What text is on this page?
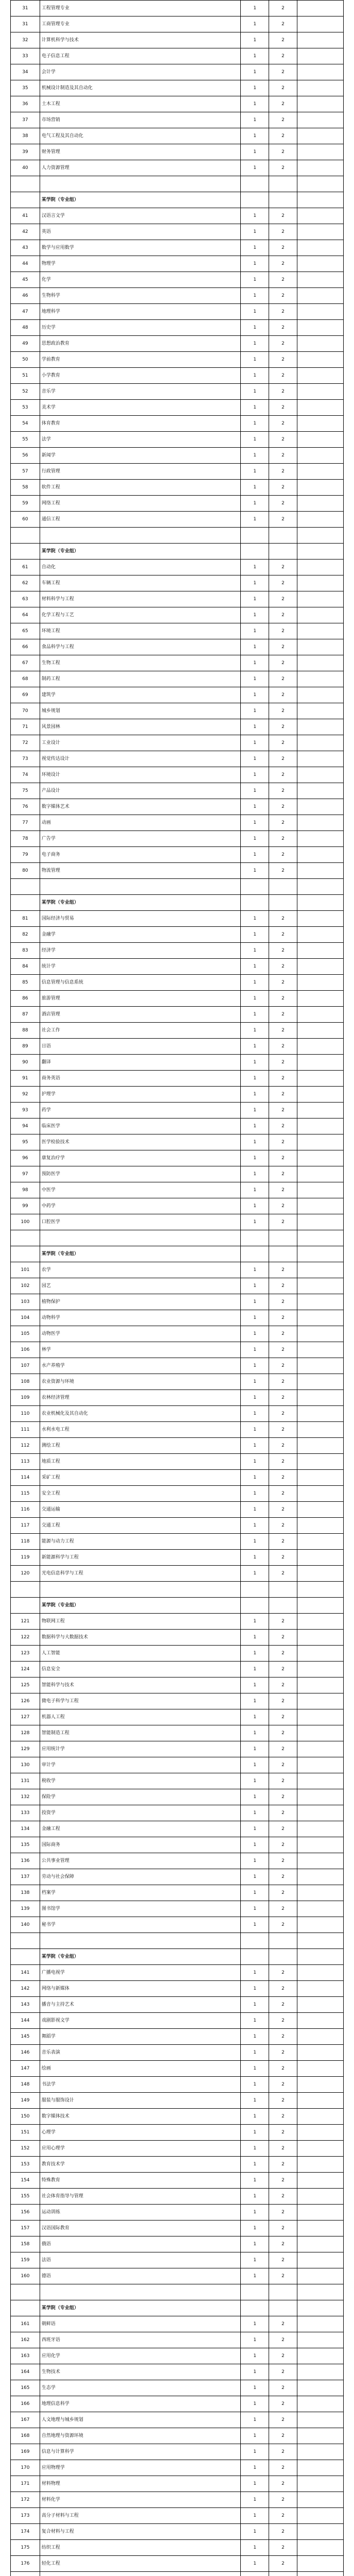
31	工程管理专业	1	2	
31	工商管理专业	1	2	
32	计算机科学与技术	1	2	
33	电子信息工程	1	2	
34	会计学	1	2	
35	机械设计制造及其自动化	1	2	
36	土木工程	1	2	
37	市场营销	1	2	
38	电气工程及其自动化	1	2	
39	财务管理	1	2	
40	人力资源管理	1	2	

	某学院（专业组）			
41	汉语言文学	1	2	
42	英语	1	2	
43	数学与应用数学	1	2	
44	物理学	1	2	
45	化学	1	2	
46	生物科学	1	2	
47	地理科学	1	2	
48	历史学	1	2	
49	思想政治教育	1	2	
50	学前教育	1	2	
51	小学教育	1	2	
52	音乐学	1	2	
53	美术学	1	2	
54	体育教育	1	2	
55	法学	1	2	
56	新闻学	1	2	
57	行政管理	1	2	
58	软件工程	1	2	
59	网络工程	1	2	
60	通信工程	1	2	

	某学院（专业组）			
61	自动化	1	2	
62	车辆工程	1	2	
63	材料科学与工程	1	2	
64	化学工程与工艺	1	2	
65	环境工程	1	2	
66	食品科学与工程	1	2	
67	生物工程	1	2	
68	制药工程	1	2	
69	建筑学	1	2	
70	城乡规划	1	2	
71	风景园林	1	2	
72	工业设计	1	2	
73	视觉传达设计	1	2	
74	环境设计	1	2	
75	产品设计	1	2	
76	数字媒体艺术	1	2	
77	动画	1	2	
78	广告学	1	2	
79	电子商务	1	2	
80	物流管理	1	2	

	某学院（专业组）			
81	国际经济与贸易	1	2	
82	金融学	1	2	
83	经济学	1	2	
84	统计学	1	2	
85	信息管理与信息系统	1	2	
86	旅游管理	1	2	
87	酒店管理	1	2	
88	社会工作	1	2	
89	日语	1	2	
90	翻译	1	2	
91	商务英语	1	2	
92	护理学	1	2	
93	药学	1	2	
94	临床医学	1	2	
95	医学检验技术	1	2	
96	康复治疗学	1	2	
97	预防医学	1	2	
98	中医学	1	2	
99	中药学	1	2	
100	口腔医学	1	2	

	某学院（专业组）			
101	农学	1	2	
102	园艺	1	2	
103	植物保护	1	2	
104	动物科学	1	2	
105	动物医学	1	2	
106	林学	1	2	
107	水产养殖学	1	2	
108	农业资源与环境	1	2	
109	农林经济管理	1	2	
110	农业机械化及其自动化	1	2	
111	水利水电工程	1	2	
112	测绘工程	1	2	
113	地质工程	1	2	
114	采矿工程	1	2	
115	安全工程	1	2	
116	交通运输	1	2	
117	交通工程	1	2	
118	能源与动力工程	1	2	
119	新能源科学与工程	1	2	
120	光电信息科学与工程	1	2	

	某学院（专业组）			
121	物联网工程	1	2	
122	数据科学与大数据技术	1	2	
123	人工智能	1	2	
124	信息安全	1	2	
125	智能科学与技术	1	2	
126	微电子科学与工程	1	2	
127	机器人工程	1	2	
128	智能制造工程	1	2	
129	应用统计学	1	2	
130	审计学	1	2	
131	税收学	1	2	
132	保险学	1	2	
133	投资学	1	2	
134	金融工程	1	2	
135	国际商务	1	2	
136	公共事业管理	1	2	
137	劳动与社会保障	1	2	
138	档案学	1	2	
139	图书馆学	1	2	
140	秘书学	1	2	

	某学院（专业组）			
141	广播电视学	1	2	
142	网络与新媒体	1	2	
143	播音与主持艺术	1	2	
144	戏剧影视文学	1	2	
145	舞蹈学	1	2	
146	音乐表演	1	2	
147	绘画	1	2	
148	书法学	1	2	
149	服装与服饰设计	1	2	
150	数字媒体技术	1	2	
151	心理学	1	2	
152	应用心理学	1	2	
153	教育技术学	1	2	
154	特殊教育	1	2	
155	社会体育指导与管理	1	2	
156	运动训练	1	2	
157	汉语国际教育	1	2	
158	俄语	1	2	
159	法语	1	2	
160	德语	1	2	

	某学院（专业组）			
161	朝鲜语	1	2	
162	西班牙语	1	2	
163	应用化学	1	2	
164	生物技术	1	2	
165	生态学	1	2	
166	地理信息科学	1	2	
167	人文地理与城乡规划	1	2	
168	自然地理与资源环境	1	2	
169	信息与计算科学	1	2	
170	应用物理学	1	2	
171	材料物理	1	2	
172	材料化学	1	2	
173	高分子材料与工程	1	2	
174	复合材料与工程	1	2	
175	纺织工程	1	2	
176	轻化工程	1	2	
